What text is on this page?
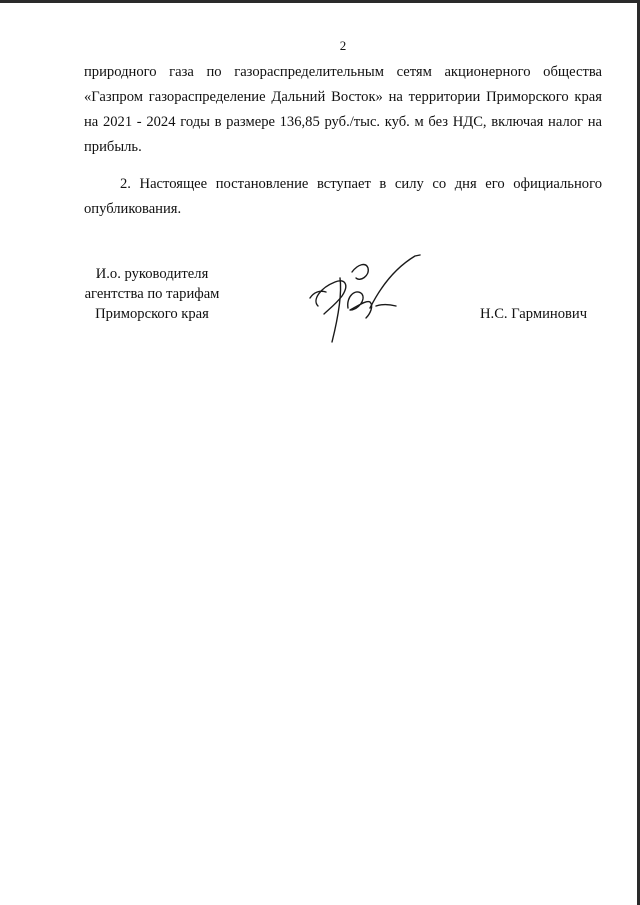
2

природного газа по газораспределительным сетям акционерного общества
«Газпром газораспределение Дальний Восток» на территории Приморского края
на 2021 - 2024 годы в размере 136,85 руб./тыс. куб. м без НДС, включая налог на
прибыль.

2. Настоящее постановление вступает в силу со дня его официального
опубликования.

И.о. руководителя
агентства по тарифам
Приморского края	Н.С. Гарминович
